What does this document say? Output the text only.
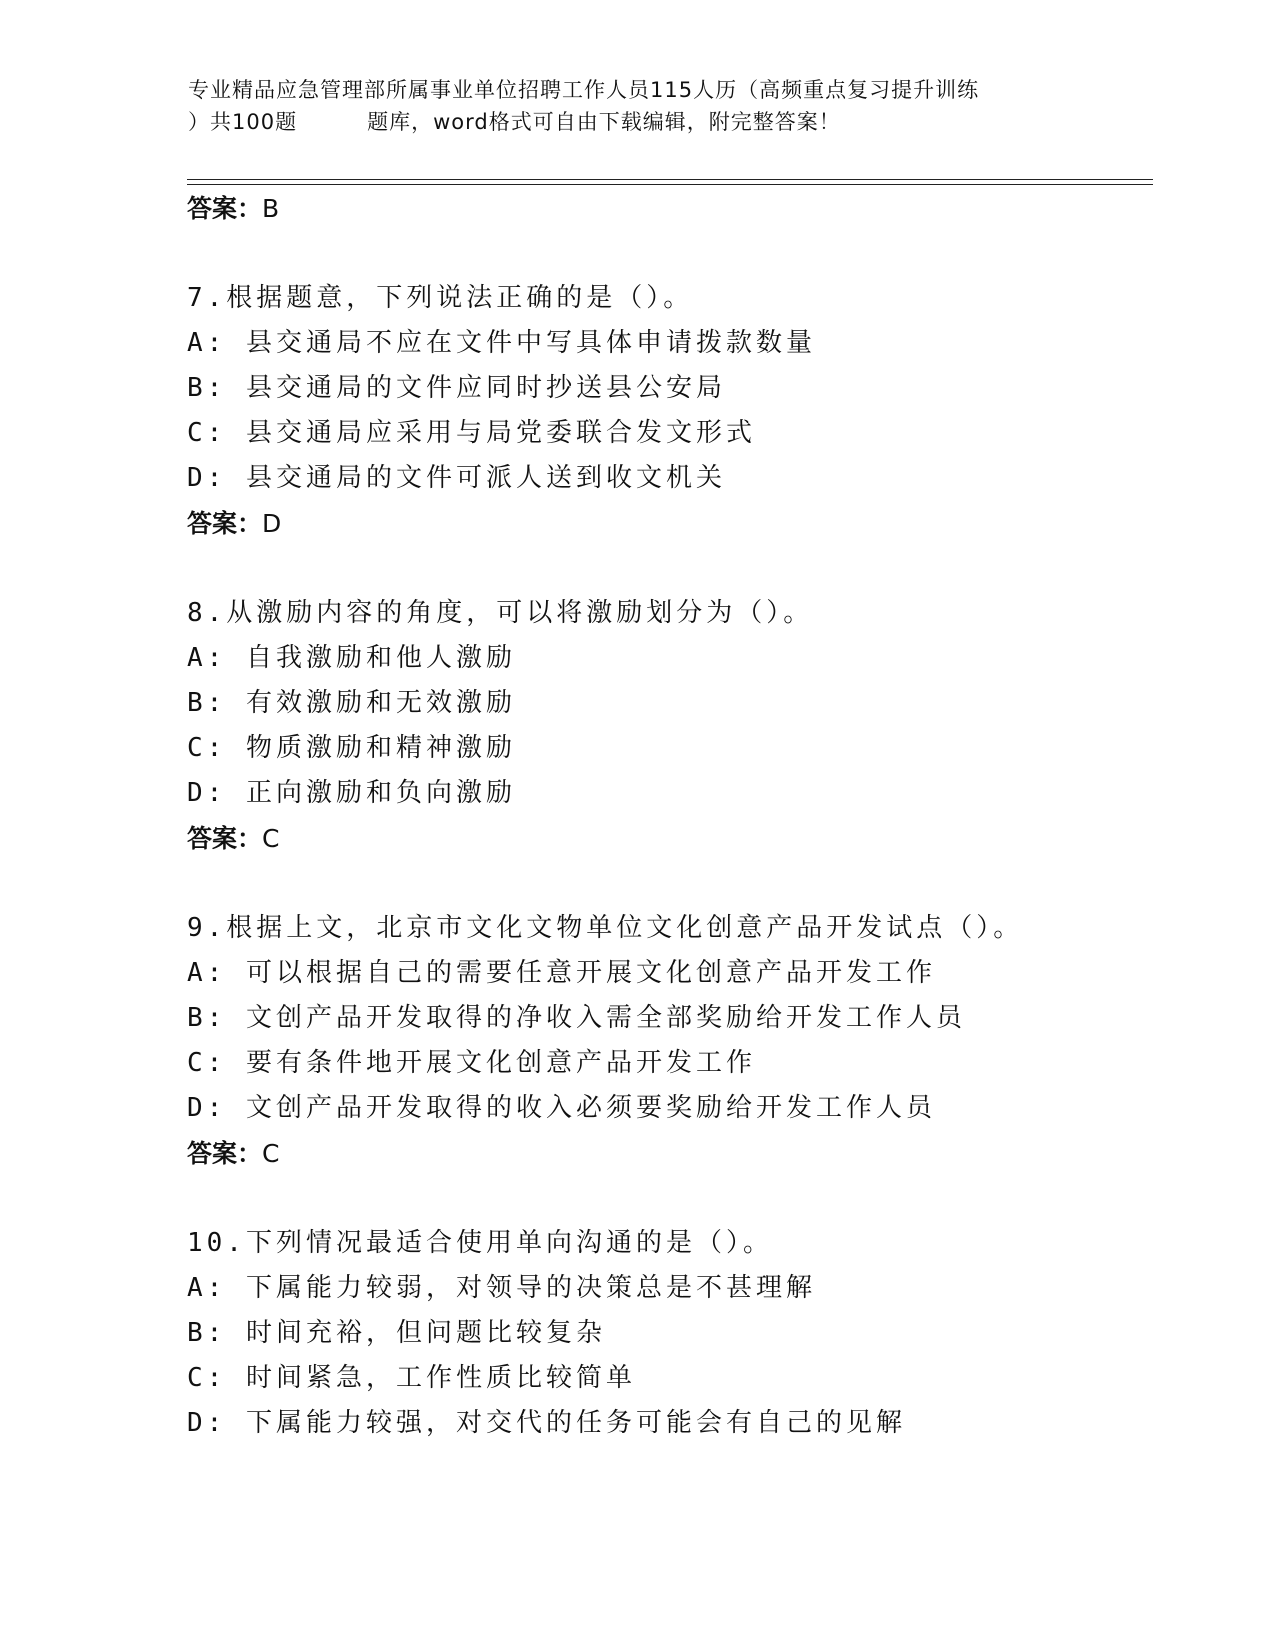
专业精品应急管理部所属事业单位招聘工作人员115人历（高频重点复习提升训练
）共100题	题库，word格式可自由下载编辑，附完整答案！
答案：B
7.根据题意，下列说法正确的是（）。
A: 县交通局不应在文件中写具体申请拨款数量
B: 县交通局的文件应同时抄送县公安局
C: 县交通局应采用与局党委联合发文形式
D: 县交通局的文件可派人送到收文机关
答案：D
8.从激励内容的角度，可以将激励划分为（）。
A: 自我激励和他人激励
B: 有效激励和无效激励
C: 物质激励和精神激励
D: 正向激励和负向激励
答案：C
9.根据上文，北京市文化文物单位文化创意产品开发试点（）。
A: 可以根据自己的需要任意开展文化创意产品开发工作
B: 文创产品开发取得的净收入需全部奖励给开发工作人员
C: 要有条件地开展文化创意产品开发工作
D: 文创产品开发取得的收入必须要奖励给开发工作人员
答案：C
10.下列情况最适合使用单向沟通的是（）。
A: 下属能力较弱，对领导的决策总是不甚理解
B: 时间充裕，但问题比较复杂
C: 时间紧急，工作性质比较简单
D: 下属能力较强，对交代的任务可能会有自己的见解
